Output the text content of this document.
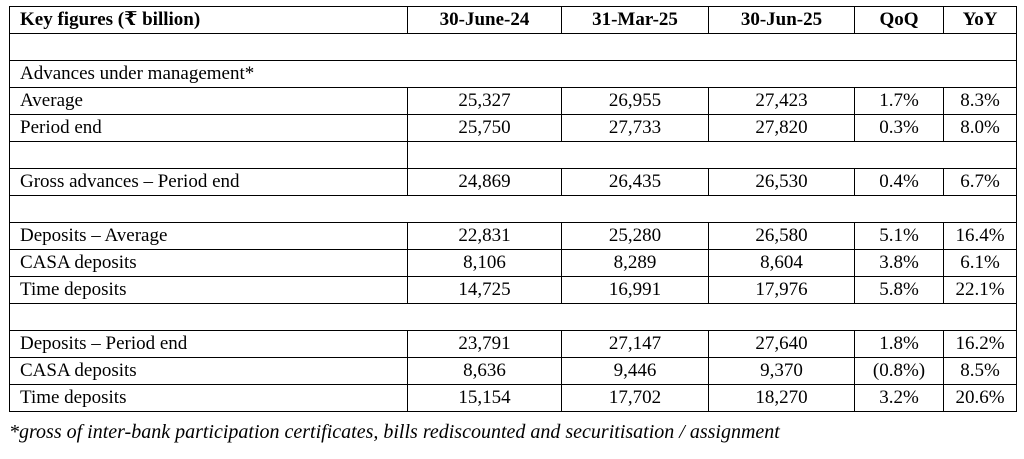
Key figures (₹ billion)	30-June-24	31-Mar-25	30-Jun-25	QoQ	YoY

Advances under management*					
Average	25,327	26,955	27,423	1.7%	8.3%
Period end	25,750	27,733	27,820	0.3%	8.0%

Gross advances – Period end	24,869	26,435	26,530	0.4%	6.7%

Deposits – Average	22,831	25,280	26,580	5.1%	16.4%
CASA deposits	8,106	8,289	8,604	3.8%	6.1%
Time deposits	14,725	16,991	17,976	5.8%	22.1%

Deposits – Period end	23,791	27,147	27,640	1.8%	16.2%
CASA deposits	8,636	9,446	9,370	(0.8%)	8.5%
Time deposits	15,154	17,702	18,270	3.2%	20.6%
*gross of inter-bank participation certificates, bills rediscounted and securitisation / assignment
